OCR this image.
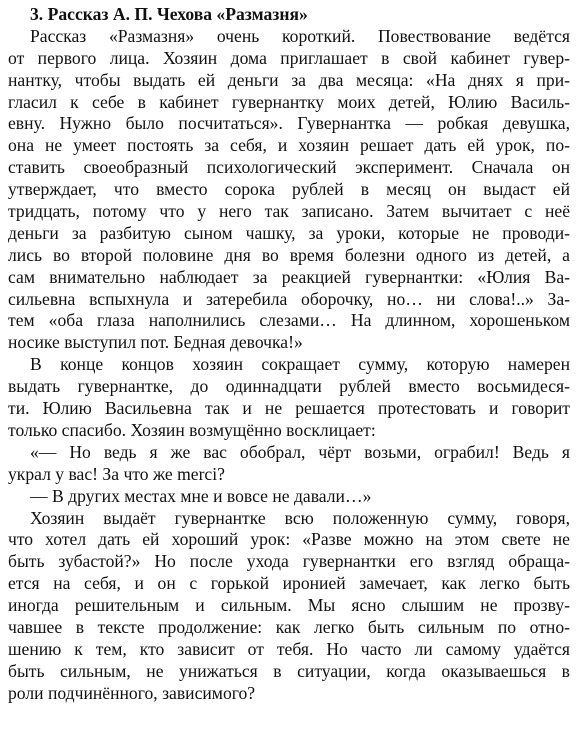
3. Рассказ А. П. Чехова «Размазня»
Рассказ «Размазня» очень короткий. Повествование ведётся
от первого лица. Хозяин дома приглашает в свой кабинет гувер-
нантку, чтобы выдать ей деньги за два месяца: «На днях я при-
гласил к себе в кабинет гувернантку моих детей, Юлию Василь-
евну. Нужно было посчитаться». Гувернантка — робкая девушка,
она не умеет постоять за себя, и хозяин решает дать ей урок, по-
ставить своеобразный психологический эксперимент. Сначала он
утверждает, что вместо сорока рублей в месяц он выдаст ей
тридцать, потому что у него так записано. Затем вычитает с неё
деньги за разбитую сыном чашку, за уроки, которые не проводи-
лись во второй половине дня во время болезни одного из детей, а
сам внимательно наблюдает за реакцией гувернантки: «Юлия Ва-
сильевна вспыхнула и затеребила оборочку, но… ни слова!..» За-
тем «оба глаза наполнились слезами… На длинном, хорошеньком
носике выступил пот. Бедная девочка!»
В конце концов хозяин сокращает сумму, которую намерен
выдать гувернантке, до одиннадцати рублей вместо восьмидеся-
ти. Юлию Васильевна так и не решается протестовать и говорит
только спасибо. Хозяин возмущённо восклицает:
«— Но ведь я же вас обобрал, чёрт возьми, ограбил! Ведь я
украл у вас! За что же merci?
— В других местах мне и вовсе не давали…»
Хозяин выдаёт гувернантке всю положенную сумму, говоря,
что хотел дать ей хороший урок: «Разве можно на этом свете не
быть зубастой?» Но после ухода гувернантки его взгляд обраща-
ется на себя, и он с горькой иронией замечает, как легко быть
иногда решительным и сильным. Мы ясно слышим не прозву-
чавшее в тексте продолжение: как легко быть сильным по отно-
шению к тем, кто зависит от тебя. Но часто ли самому удаётся
быть сильным, не унижаться в ситуации, когда оказываешься в
роли подчинённого, зависимого?
